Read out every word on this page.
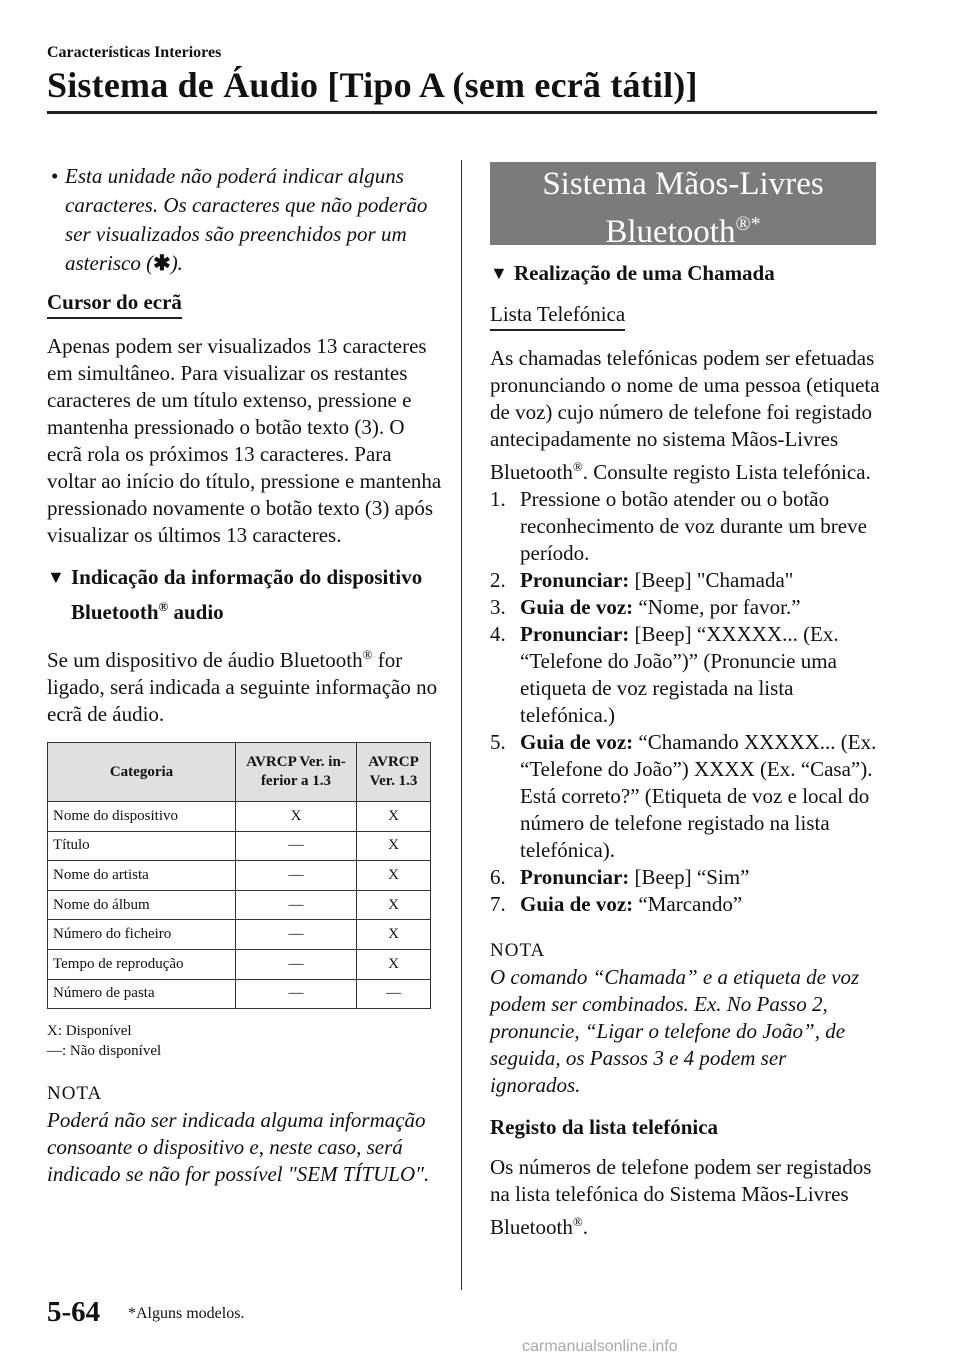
Características Interiores
Sistema de Áudio [Tipo A (sem ecrã tátil)]
• Esta unidade não poderá indicar alguns caracteres. Os caracteres que não poderão ser visualizados são preenchidos por um asterisco (✱).
Cursor do ecrã

Apenas podem ser visualizados 13 caracteres em simultâneo. Para visualizar os restantes caracteres de um título extenso, pressione e mantenha pressionado o botão texto (3). O ecrã rola os próximos 13 caracteres. Para voltar ao início do título, pressione e mantenha pressionado novamente o botão texto (3) após visualizar os últimos 13 caracteres.

▼ Indicação da informação do dispositivo Bluetooth® audio

Se um dispositivo de áudio Bluetooth® for ligado, será indicada a seguinte informação no ecrã de áudio.

Categoria	AVRCP Ver. in-ferior a 1.3	AVRCP Ver. 1.3
Nome do dispositivo	X	X
Título	—	X
Nome do artista	—	X
Nome do álbum	—	X
Número do ficheiro	—	X
Tempo de reprodução	—	X
Número de pasta	—	—
X: Disponível
—: Não disponível
NOTA

Poderá não ser indicada alguma informação consoante o dispositivo e, neste caso, será indicado se não for possível "SEM TÍTULO".

Sistema Mãos-Livres
Bluetooth®*
▼ Realização de uma Chamada
Lista Telefónica

As chamadas telefónicas podem ser efetuadas pronunciando o nome de uma pessoa (etiqueta de voz) cujo número de telefone foi registado antecipadamente no sistema Mãos-Livres Bluetooth®. Consulte registo Lista telefónica.

1. Pressione o botão atender ou o botão reconhecimento de voz durante um breve período.
2. Pronunciar: [Beep] "Chamada"
3. Guia de voz: “Nome, por favor.”
4. Pronunciar: [Beep] “XXXXX... (Ex. “Telefone do João”)” (Pronuncie uma etiqueta de voz registada na lista telefónica.)
5. Guia de voz: “Chamando XXXXX... (Ex. “Telefone do João”) XXXX (Ex. “Casa”). Está correto?” (Etiqueta de voz e local do número de telefone registado na lista telefónica).
6. Pronunciar: [Beep] “Sim”
7. Guia de voz: “Marcando”
NOTA

O comando “Chamada” e a etiqueta de voz podem ser combinados. Ex. No Passo 2, pronuncie, “Ligar o telefone do João”, de seguida, os Passos 3 e 4 podem ser ignorados.

Registo da lista telefónica

Os números de telefone podem ser registados na lista telefónica do Sistema Mãos-Livres Bluetooth®.

5-64 *Alguns modelos.
carmanualsonline.info
